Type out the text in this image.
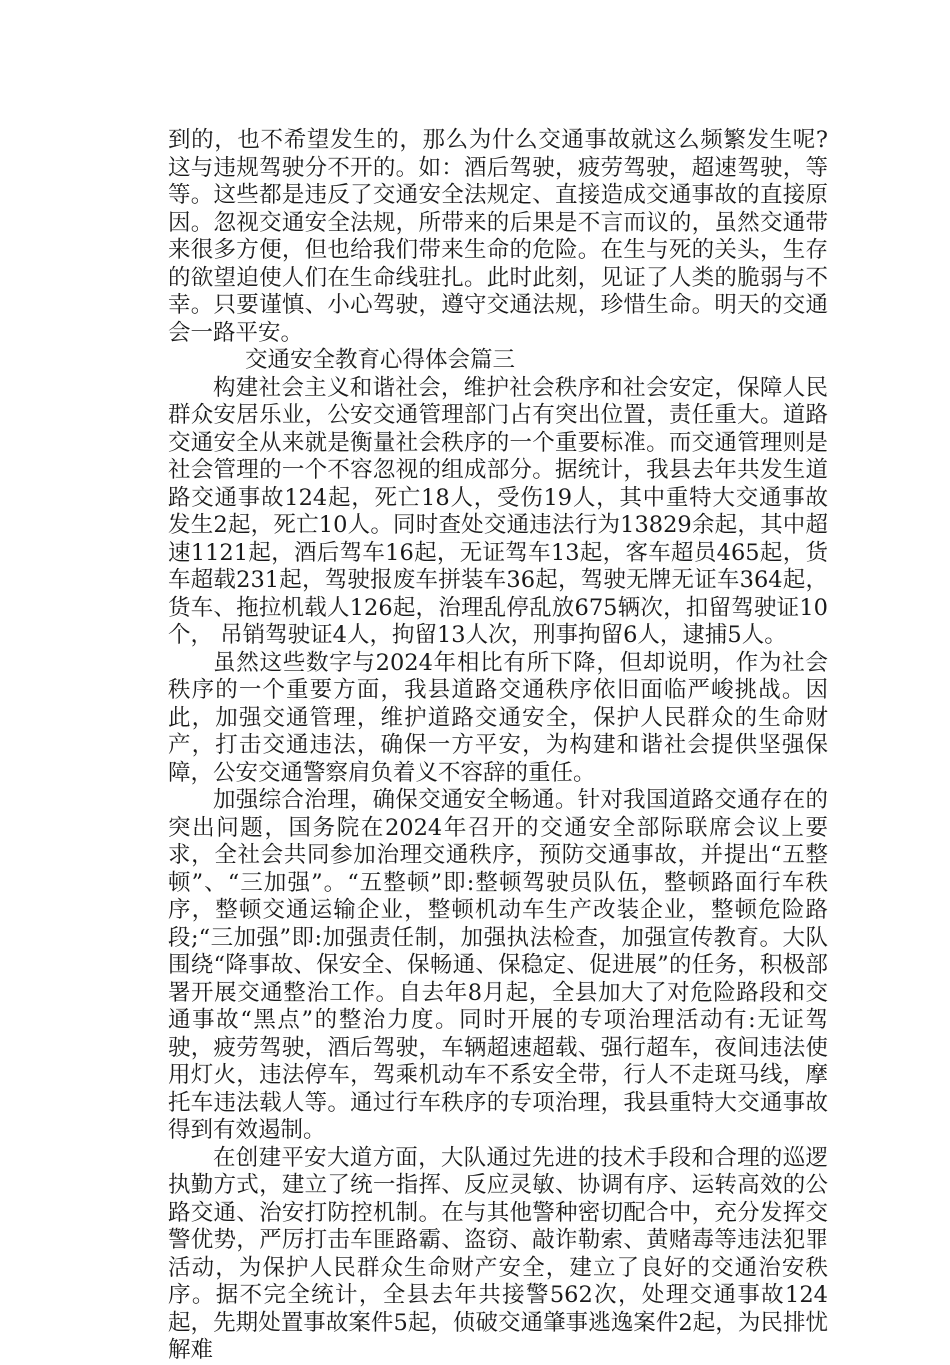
到的，也不希望发生的，那么为什么交通事故就这么频繁发生呢?这与违规驾驶分不开的。如：酒后驾驶，疲劳驾驶，超速驾驶，等等。这些都是违反了交通安全法规定、直接造成交通事故的直接原因。忽视交通安全法规，所带来的后果是不言而议的，虽然交通带来很多方便，但也给我们带来生命的危险。在生与死的关头，生存的欲望迫使人们在生命线驻扎。此时此刻，见证了人类的脆弱与不幸。只要谨慎、小心驾驶，遵守交通法规，珍惜生命。明天的交通会一路平安。

交通安全教育心得体会篇三

构建社会主义和谐社会，维护社会秩序和社会安定，保障人民群众安居乐业，公安交通管理部门占有突出位置，责任重大。道路交通安全从来就是衡量社会秩序的一个重要标准。而交通管理则是社会管理的一个不容忽视的组成部分。据统计，我县去年共发生道路交通事故124起，死亡18人，受伤19人，其中重特大交通事故发生2起，死亡10人。同时查处交通违法行为13829余起，其中超速1121起，酒后驾车16起，无证驾车13起，客车超员465起，货车超载231起，驾驶报废车拼装车36起，驾驶无牌无证车364起，货车、拖拉机载人126起，治理乱停乱放675辆次，扣留驾驶证10个， 吊销驾驶证4人，拘留13人次，刑事拘留6人，逮捕5人。

虽然这些数字与2024年相比有所下降，但却说明，作为社会秩序的一个重要方面，我县道路交通秩序依旧面临严峻挑战。因此，加强交通管理，维护道路交通安全，保护人民群众的生命财产，打击交通违法，确保一方平安，为构建和谐社会提供坚强保障，公安交通警察肩负着义不容辞的重任。

加强综合治理，确保交通安全畅通。针对我国道路交通存在的突出问题，国务院在2024年召开的交通安全部际联席会议上要求，全社会共同参加治理交通秩序，预防交通事故，并提出“五整顿”、“三加强”。“五整顿”即:整顿驾驶员队伍，整顿路面行车秩序，整顿交通运输企业，整顿机动车生产改装企业，整顿危险路段;“三加强”即:加强责任制，加强执法检查，加强宣传教育。大队围绕“降事故、保安全、保畅通、保稳定、促进展”的任务，积极部署开展交通整治工作。自去年8月起，全县加大了对危险路段和交通事故“黑点”的整治力度。同时开展的专项治理活动有:无证驾驶，疲劳驾驶，酒后驾驶，车辆超速超载、强行超车，夜间违法使用灯火，违法停车，驾乘机动车不系安全带，行人不走斑马线，摩托车违法载人等。通过行车秩序的专项治理，我县重特大交通事故得到有效遏制。

在创建平安大道方面，大队通过先进的技术手段和合理的巡逻执勤方式，建立了统一指挥、反应灵敏、协调有序、运转高效的公路交通、治安打防控机制。在与其他警种密切配合中，充分发挥交警优势，严厉打击车匪路霸、盗窃、敲诈勒索、黄赌毒等违法犯罪活动，为保护人民群众生命财产安全，建立了良好的交通治安秩序。据不完全统计，全县去年共接警562次，处理交通事故124起，先期处置事故案件5起，侦破交通肇事逃逸案件2起，为民排忧解难
